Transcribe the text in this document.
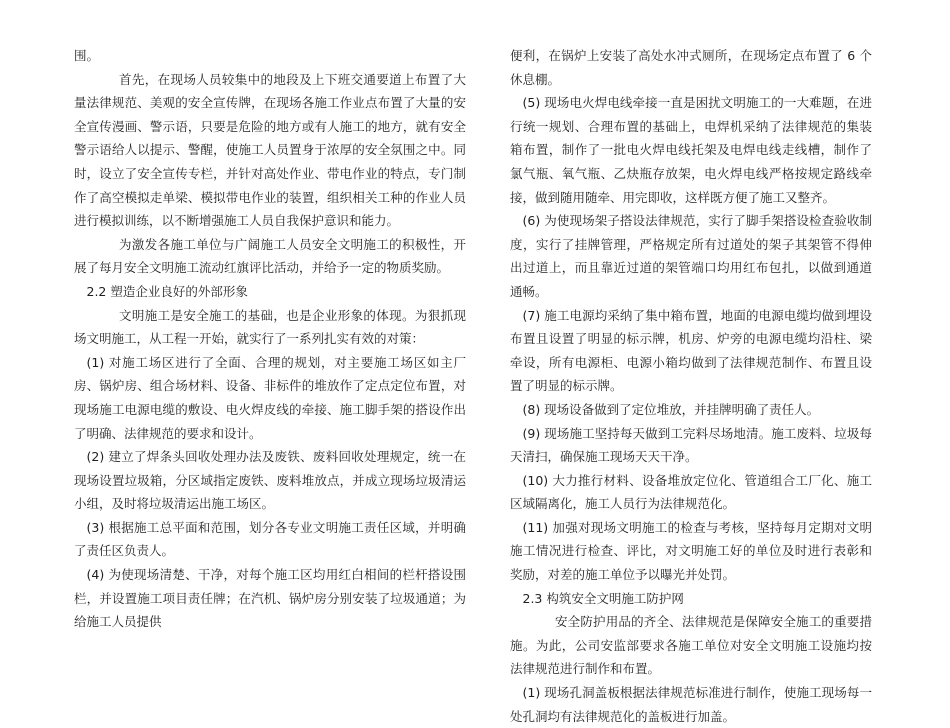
围。

首先，在现场人员较集中的地段及上下班交通要道上布置了大量法律规范、美观的安全宣传牌，在现场各施工作业点布置了大量的安全宣传漫画、警示语，只要是危险的地方或有人施工的地方，就有安全警示语给人以提示、警醒，使施工人员置身于浓厚的安全氛围之中。同时，设立了安全宣传专栏，并针对高处作业、带电作业的特点，专门制作了高空模拟走单梁、模拟带电作业的装置，组织相关工种的作业人员进行模拟训练，以不断增强施工人员自我保护意识和能力。

为激发各施工单位与广阔施工人员安全文明施工的积极性，开展了每月安全文明施工流动红旗评比活动，并给予一定的物质奖励。

2.2 塑造企业良好的外部形象

文明施工是安全施工的基础，也是企业形象的体现。为狠抓现场文明施工，从工程一开始，就实行了一系列扎实有效的对策：

(1) 对施工场区进行了全面、合理的规划，对主要施工场区如主厂房、锅炉房、组合场材料、设备、非标件的堆放作了定点定位布置，对现场施工电源电缆的敷设、电火焊皮线的牵接、施工脚手架的搭设作出了明确、法律规范的要求和设计。

(2) 建立了焊条头回收处理办法及废铁、废料回收处理规定，统一在现场设置垃圾箱，分区域指定废铁、废料堆放点，并成立现场垃圾清运小组，及时将垃圾清运出施工场区。

(3) 根据施工总平面和范围，划分各专业文明施工责任区域，并明确了责任区负责人。

(4) 为使现场清楚、干净，对每个施工区均用红白相间的栏杆搭设围栏，并设置施工项目责任牌；在汽机、锅炉房分别安装了垃圾通道；为给施工人员提供

便利，在锅炉上安装了高处水冲式厕所，在现场定点布置了 6 个休息棚。

(5) 现场电火焊电线牵接一直是困扰文明施工的一大难题，在进行统一规划、合理布置的基础上，电焊机采纳了法律规范的集装箱布置，制作了一批电火焊电线托架及电焊电线走线槽，制作了氯气瓶、氧气瓶、乙炔瓶存放架，电火焊电线严格按规定路线牵接，做到随用随牵、用完即收，这样既方便了施工又整齐。

(6) 为使现场架子搭设法律规范，实行了脚手架搭设检查验收制度，实行了挂牌管理，严格规定所有过道处的架子其架管不得伸出过道上，而且靠近过道的架管端口均用红布包扎，以做到通道通畅。

(7) 施工电源均采纳了集中箱布置，地面的电源电缆均做到埋设布置且设置了明显的标示牌，机房、炉旁的电源电缆均沿柱、梁牵设，所有电源柜、电源小箱均做到了法律规范制作、布置且设置了明显的标示牌。

(8) 现场设备做到了定位堆放，并挂牌明确了责任人。

(9) 现场施工坚持每天做到工完料尽场地清。施工废料、垃圾每天清扫，确保施工现场天天干净。

(10) 大力推行材料、设备堆放定位化、管道组合工厂化、施工区域隔离化，施工人员行为法律规范化。

(11) 加强对现场文明施工的检查与考核，坚持每月定期对文明施工情况进行检查、评比，对文明施工好的单位及时进行表彰和奖励，对差的施工单位予以曝光并处罚。

2.3 构筑安全文明施工防护网

安全防护用品的齐全、法律规范是保障安全施工的重要措施。为此，公司安监部要求各施工单位对安全文明施工设施均按法律规范进行制作和布置。

(1) 现场孔洞盖板根据法律规范标准进行制作，使施工现场每一处孔洞均有法律规范化的盖板进行加盖。
